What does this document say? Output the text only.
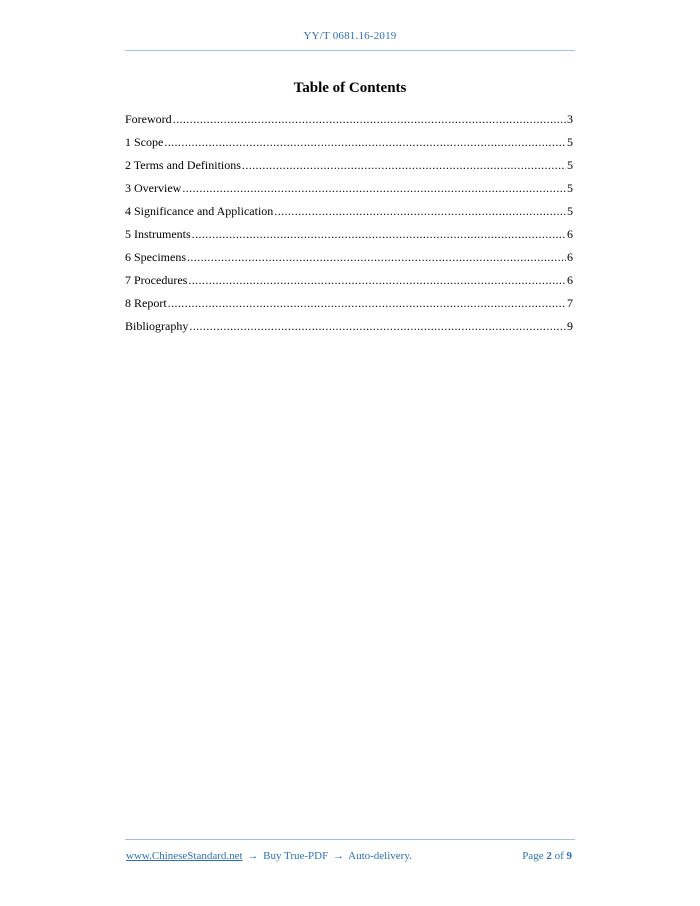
YY/T 0681.16-2019
Table of Contents
Foreword .....	3
1 Scope .....	5
2 Terms and Definitions .....	5
3 Overview .....	5
4 Significance and Application .....	5
5 Instruments .....	6
6 Specimens .....	6
7 Procedures .....	6
8 Report .....	7
Bibliography .....	9
www.ChineseStandard.net → Buy True-PDF → Auto-delivery.	Page 2 of 9
